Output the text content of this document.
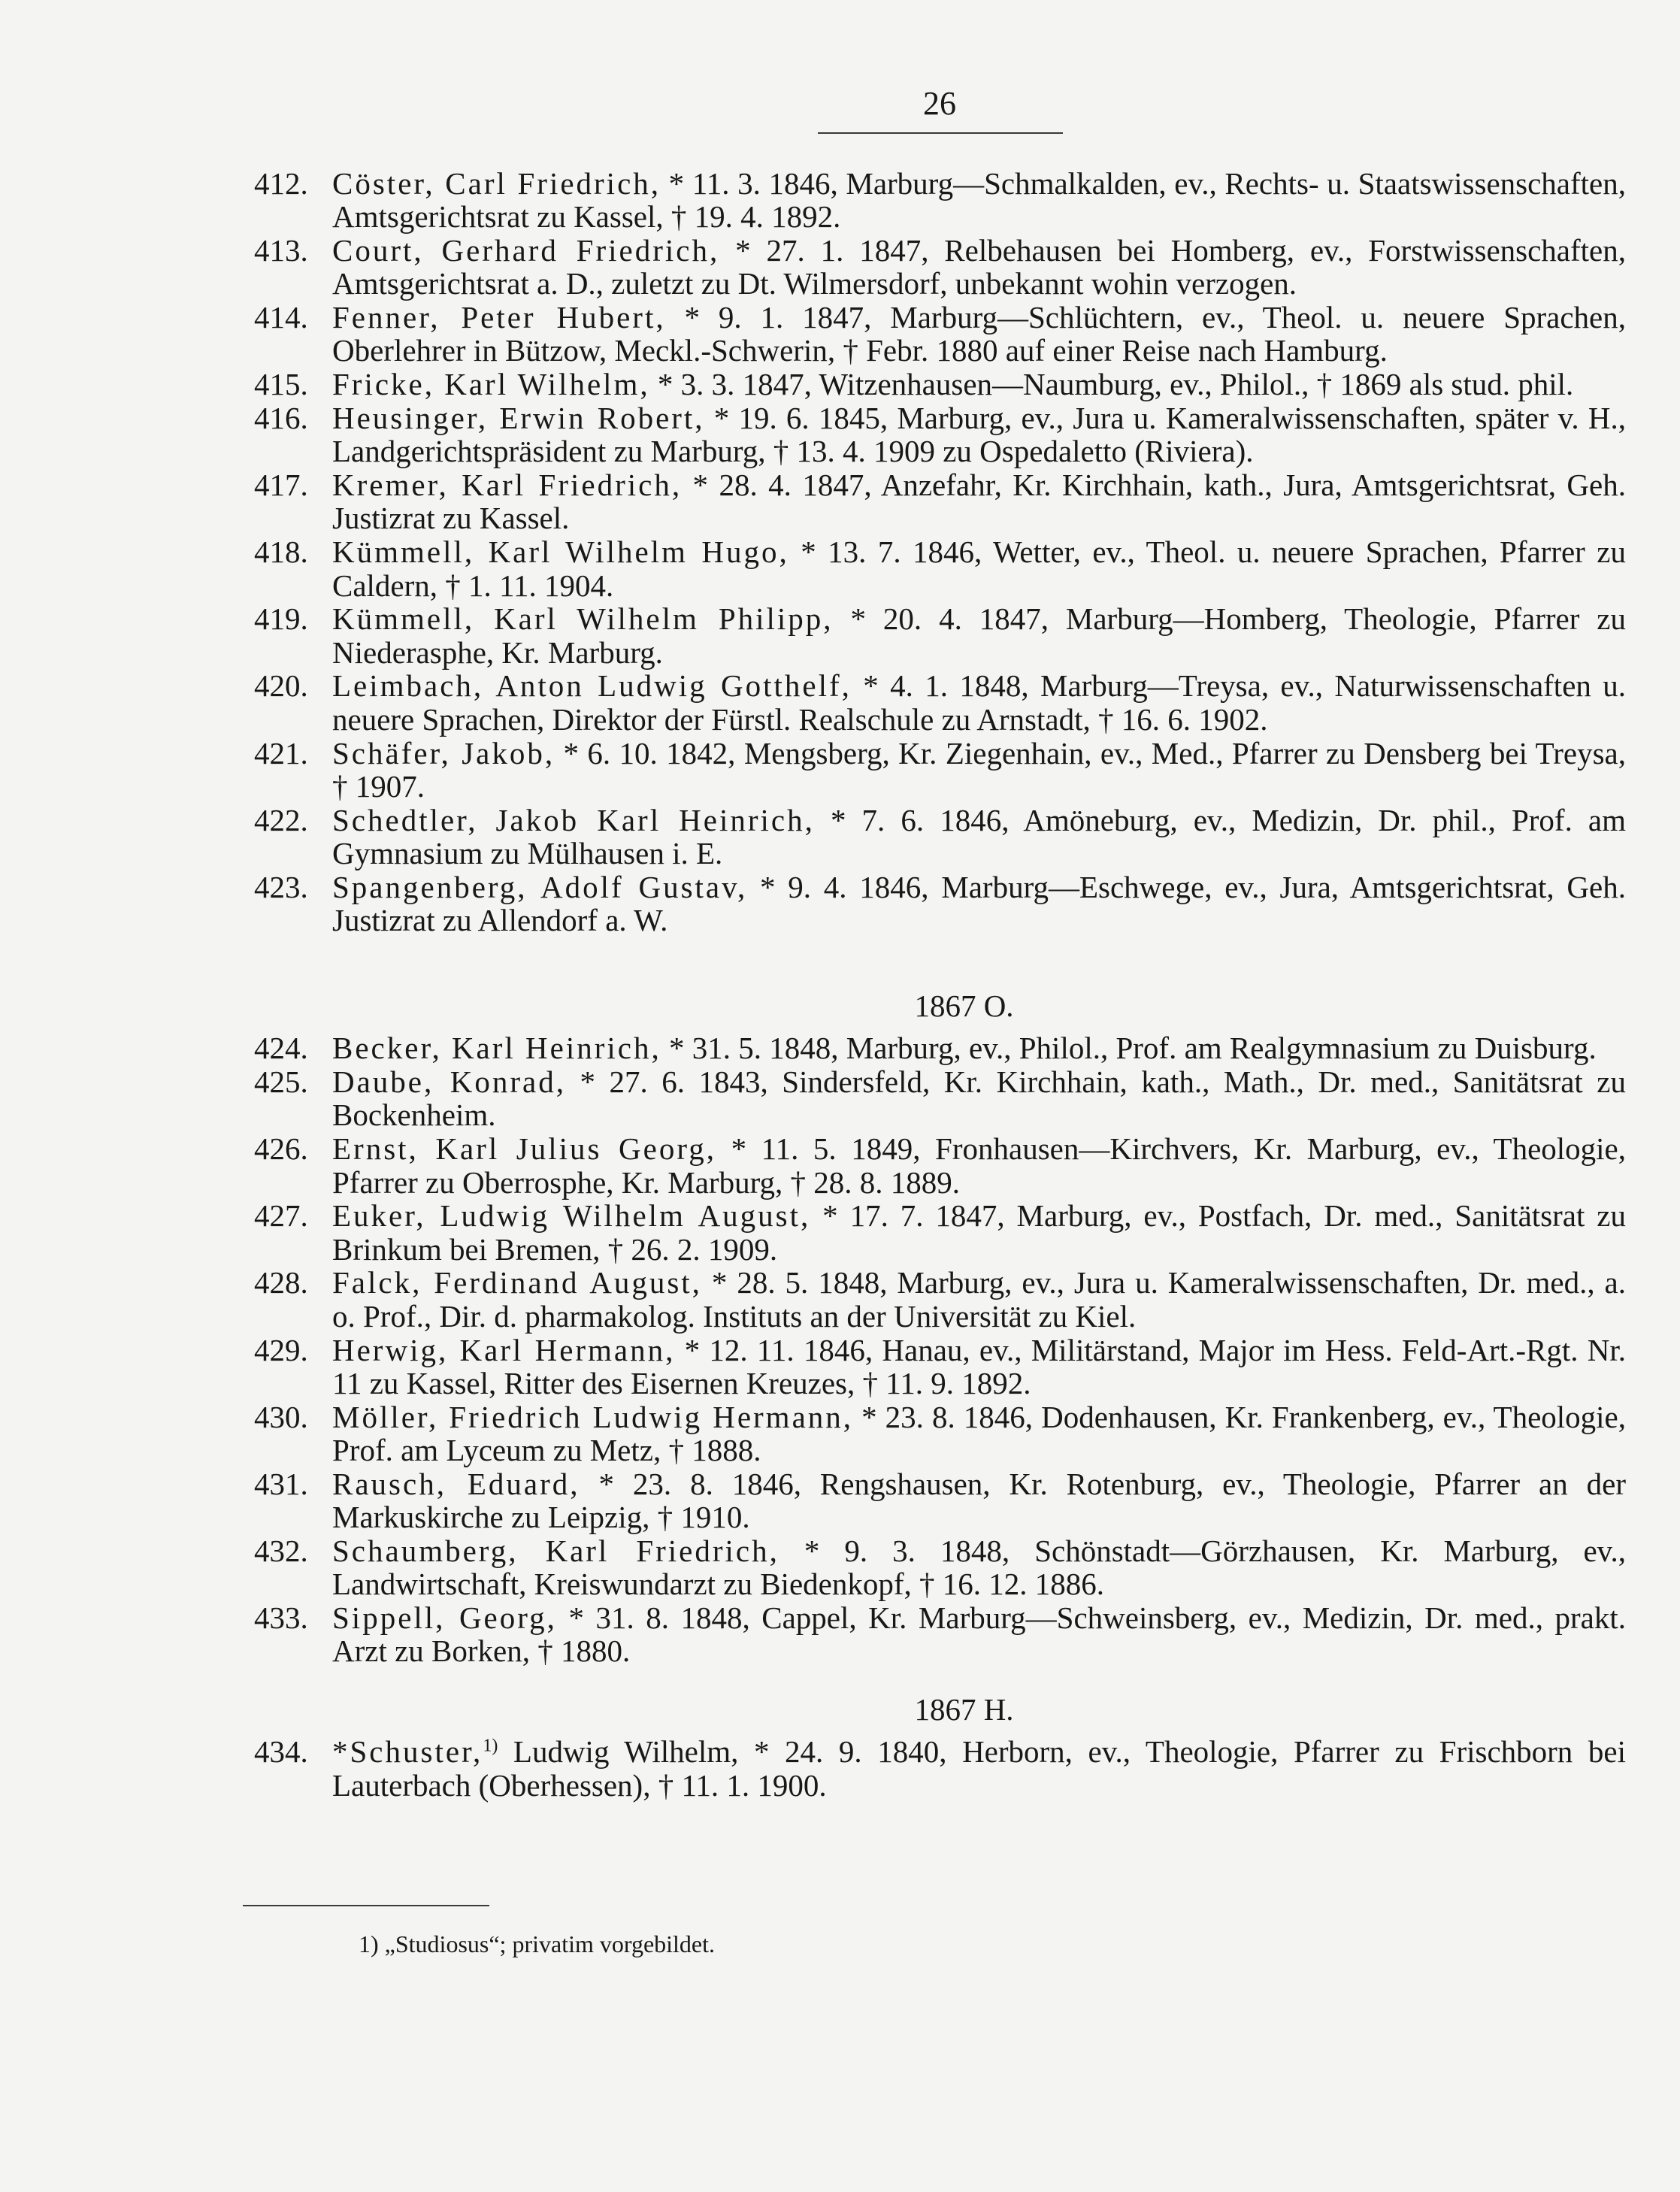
26
412. Cöster, Carl Friedrich, * 11. 3. 1846, Marburg—Schmalkalden, ev., Rechts- u. Staatswissenschaften, Amtsgerichtsrat zu Kassel, † 19. 4. 1892.
413. Court, Gerhard Friedrich, * 27. 1. 1847, Relbehausen bei Homberg, ev., Forstwissenschaften, Amtsgerichtsrat a. D., zuletzt zu Dt. Wilmersdorf, unbekannt wohin verzogen.
414. Fenner, Peter Hubert, * 9. 1. 1847, Marburg—Schlüchtern, ev., Theol. u. neuere Sprachen, Oberlehrer in Bützow, Meckl.-Schwerin, † Febr. 1880 auf einer Reise nach Hamburg.
415. Fricke, Karl Wilhelm, * 3. 3. 1847, Witzenhausen—Naumburg, ev., Philol., † 1869 als stud. phil.
416. Heusinger, Erwin Robert, * 19. 6. 1845, Marburg, ev., Jura u. Kameralwissenschaften, später v. H., Landgerichtspräsident zu Marburg, † 13. 4. 1909 zu Ospedaletto (Riviera).
417. Kremer, Karl Friedrich, * 28. 4. 1847, Anzefahr, Kr. Kirchhain, kath., Jura, Amtsgerichtsrat, Geh. Justizrat zu Kassel.
418. Kümmell, Karl Wilhelm Hugo, * 13. 7. 1846, Wetter, ev., Theol. u. neuere Sprachen, Pfarrer zu Caldern, † 1. 11. 1904.
419. Kümmell, Karl Wilhelm Philipp, * 20. 4. 1847, Marburg—Homberg, Theologie, Pfarrer zu Niederasphe, Kr. Marburg.
420. Leimbach, Anton Ludwig Gotthelf, * 4. 1. 1848, Marburg—Treysa, ev., Naturwissenschaften u. neuere Sprachen, Direktor der Fürstl. Realschule zu Arnstadt, † 16. 6. 1902.
421. Schäfer, Jakob, * 6. 10. 1842, Mengsberg, Kr. Ziegenhain, ev., Med., Pfarrer zu Densberg bei Treysa, † 1907.
422. Schedtler, Jakob Karl Heinrich, * 7. 6. 1846, Amöneburg, ev., Medizin, Dr. phil., Prof. am Gymnasium zu Mülhausen i. E.
423. Spangenberg, Adolf Gustav, * 9. 4. 1846, Marburg—Eschwege, ev., Jura, Amtsgerichtsrat, Geh. Justizrat zu Allendorf a. W.
1867 O.
424. Becker, Karl Heinrich, * 31. 5. 1848, Marburg, ev., Philol., Prof. am Realgymnasium zu Duisburg.
425. Daube, Konrad, * 27. 6. 1843, Sindersfeld, Kr. Kirchhain, kath., Math., Dr. med., Sanitätsrat zu Bockenheim.
426. Ernst, Karl Julius Georg, * 11. 5. 1849, Fronhausen—Kirchvers, Kr. Marburg, ev., Theologie, Pfarrer zu Oberrosphe, Kr. Marburg, † 28. 8. 1889.
427. Euker, Ludwig Wilhelm August, * 17. 7. 1847, Marburg, ev., Postfach, Dr. med., Sanitätsrat zu Brinkum bei Bremen, † 26. 2. 1909.
428. Falck, Ferdinand August, * 28. 5. 1848, Marburg, ev., Jura u. Kameralwissenschaften, Dr. med., a. o. Prof., Dir. d. pharmakolog. Instituts an der Universität zu Kiel.
429. Herwig, Karl Hermann, * 12. 11. 1846, Hanau, ev., Militärstand, Major im Hess. Feld-Art.-Rgt. Nr. 11 zu Kassel, Ritter des Eisernen Kreuzes, † 11. 9. 1892.
430. Möller, Friedrich Ludwig Hermann, * 23. 8. 1846, Dodenhausen, Kr. Frankenberg, ev., Theologie, Prof. am Lyceum zu Metz, † 1888.
431. Rausch, Eduard, * 23. 8. 1846, Rengshausen, Kr. Rotenburg, ev., Theologie, Pfarrer an der Markuskirche zu Leipzig, † 1910.
432. Schaumberg, Karl Friedrich, * 9. 3. 1848, Schönstadt—Görzhausen, Kr. Marburg, ev., Landwirtschaft, Kreiswundarzt zu Biedenkopf, † 16. 12. 1886.
433. Sippell, Georg, * 31. 8. 1848, Cappel, Kr. Marburg—Schweinsberg, ev., Medizin, Dr. med., prakt. Arzt zu Borken, † 1880.
1867 H.
434. *Schuster,$^{1)}$ Ludwig Wilhelm, * 24. 9. 1840, Herborn, ev., Theologie, Pfarrer zu Frischborn bei Lauterbach (Oberhessen), † 11. 1. 1900.
1) „Studiosus“; privatim vorgebildet.
